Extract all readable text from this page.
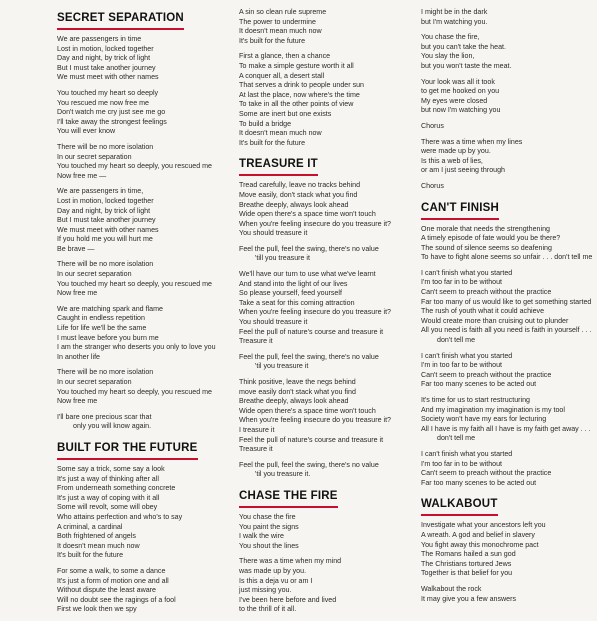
SECRET SEPARATION
We are passengers in time
Lost in motion, locked together
Day and night, by trick of light
But I must take another journey
We must meet with other names
You touched my heart so deeply
You rescued me now free me
Don't watch me cry just see me go
I'll take away the strongest feelings
You will ever know
There will be no more isolation
In our secret separation
You touched my heart so deeply, you rescued me
Now free me —
We are passengers in time,
Lost in motion, locked together
Day and night, by trick of light
But I must take another journey
We must meet with other names
If you hold me you will hurt me
Be brave —
There will be no more isolation
In our secret separation
You touched my heart so deeply, you rescued me
Now free me
We are matching spark and flame
Caught in endless repetition
Life for life we'll be the same
I must leave before you burn me
I am the stranger who deserts you only to love you
In another life
There will be no more isolation
In our secret separation
You touched my heart so deeply, you rescued me
Now free me
I'll bare one precious scar that
only you will know again.
BUILT FOR THE FUTURE
Some say a trick, some say a look
It's just a way of thinking after all
From underneath something concrete
It's just a way of coping with it all
Some will revolt, some will obey
Who attains perfection and who's to say
A criminal, a cardinal
Both frightened of angels
It doesn't mean much now
It's built for the future
For some a walk, to some a dance
It's just a form of motion one and all
Without dispute the least aware
Will no doubt see the ragings of a fool
First we look then we spy
A sin so clean rule supreme
The power to undermine
It doesn't mean much now
It's built for the future
First a glance, then a chance
To make a simple gesture worth it all
A conquer all, a desert stall
That serves a drink to people under sun
At last the place, now where's the time
To take in all the other points of view
Some are inert but one exists
To build a bridge
It doesn't mean much now
It's built for the future
TREASURE IT
Tread carefully, leave no tracks behind
Move easily, don't stack what you find
Breathe deeply, always look ahead
Wide open there's a space time won't touch
When you're feeling insecure do you treasure it?
You should treasure it
Feel the pull, feel the swing, there's no value
'till you treasure it
We'll have our turn to use what we've learnt
And stand into the light of our lives
So please yourself, feed yourself
Take a seat for this coming attraction
When you're feeling insecure do you treasure it?
You should treasure it
Feel the pull of nature's course and treasure it
Treasure it
Feel the pull, feel the swing, there's no value
'til you treasure it
Think positive, leave the negs behind
move easily don't stack what you find
Breathe deeply, always look ahead
Wide open there's a space time won't touch
When you're feeling insecure do you treasure it?
I treasure it
Feel the pull of nature's course and treasure it
Treasure it
Feel the pull, feel the swing, there's no value
'til you treasure it.
CHASE THE FIRE
You chase the fire
You paint the signs
I walk the wire
You shout the lines
There was a time when my mind
was made up by you.
Is this a deja vu or am I
just missing you.
I've been here before and lived
to the thrill of it all.
I might be in the dark
but I'm watching you.
You chase the fire,
but you can't take the heat.
You slay the lion,
but you won't taste the meat.
Your look was all it took
to get me hooked on you
My eyes were closed
but now I'm watching you
Chorus
There was a time when my lines
were made up by you.
Is this a web of lies,
or am I just seeing through
Chorus
CAN'T FINISH
One morale that needs the strengthening
A timely episode of fate would you be there?
The sound of silence seems so deafening
To have to fight alone seems so unfair . . . don't tell me
I can't finish what you started
I'm too far in to be without
Can't seem to preach without the practice
Far too many of us would like to get something started
The rush of youth what it could achieve
Would create more than cruising out to plunder
All you need is faith all you need is faith in yourself . . .
don't tell me
I can't finish what you started
I'm in too far to be without
Can't seem to preach without the practice
Far too many scenes to be acted out
It's time for us to start restructuring
And my imagination my imagination is my tool
Society won't have my ears for lecturing
All I have is my faith all I have is my faith get away . . .
don't tell me
I can't finish what you started
I'm too far in to be without
Can't seem to preach without the practice
Far too many scenes to be acted out
WALKABOUT
Investigate what your ancestors left you
A wreath. A god and belief in slavery
You fight away this monochrome pact
The Romans hailed a sun god
The Christians tortured Jews
Together is that belief for you
Walkabout the rock
It may give you a few answers
